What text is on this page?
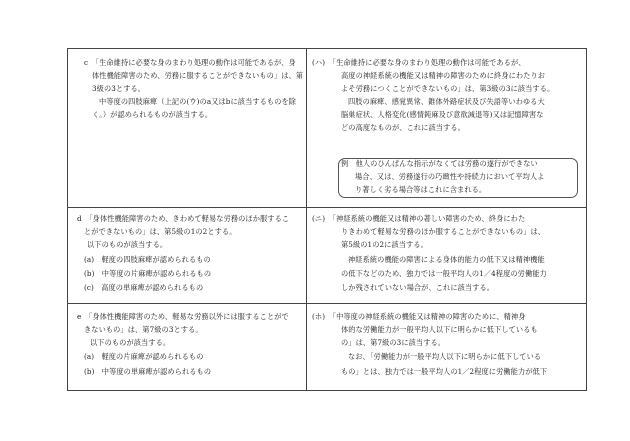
c　「生命維持に必要な身のまわり処理の動作は可能であるが、身
体性機能障害のため、労務に服することができないもの」は、第
3級の3とする。
中等度の四肢麻痺（上記の(ウ)のa又はbに該当するものを除
く。）が認められるものが該当する。
d　「身体性機能障害のため、きわめて軽易な労務のほか服するこ
とができないもの」は、第5級の1の2とする。
以下のものが該当する。
(a)　軽度の四肢麻痺が認められるもの
(b)　中等度の片麻痺が認められるもの
(c)　高度の単麻痺が認められるもの
e　「身体性機能障害のため、軽易な労務以外には服することがで
きないもの」は、第7級の3とする。
以下のものが該当する。
(a)　軽度の片麻痺が認められるもの
(b)　中等度の単麻痺が認められるもの
(ハ)　「生命維持に必要な身のまわり処理の動作は可能であるが、
高度の神経系統の機能又は精神の障害のために終身にわたりお
よそ労務につくことができないもの」は、第3級の3に該当する。
四肢の麻痺、感覚異常、錐体外路症状及び失語等いわゆる大
脳巣症状、人格変化(感情鈍麻及び意欲減退等)又は記憶障害な
どの高度なものが、これに該当する。
例　他人のひんぱんな指示がなくては労務の遂行ができない
場合、又は、労務遂行の巧緻性や持続力において平均人よ
り著しく劣る場合等はこれに含まれる。
(ニ)　「神経系統の機能又は精神の著しい障害のため、終身にわた
りきわめて軽易な労務のほか服することができないもの」は、
第5級の1の2に該当する。
神経系統の機能の障害による身体的能力の低下又は精神機能
の低下などのため、独力では一般平均人の1／4程度の労働能力
しか残されていない場合が、これに該当する。
(ホ)　「中等度の神経系統の機能又は精神の障害のために、精神身
体的な労働能力が一般平均人以下に明らかに低下しているも
の」は、第7級の3に該当する。
なお、「労働能力が一般平均人以下に明らかに低下している
もの」とは、独力では一般平均人の1／2程度に労働能力が低下
